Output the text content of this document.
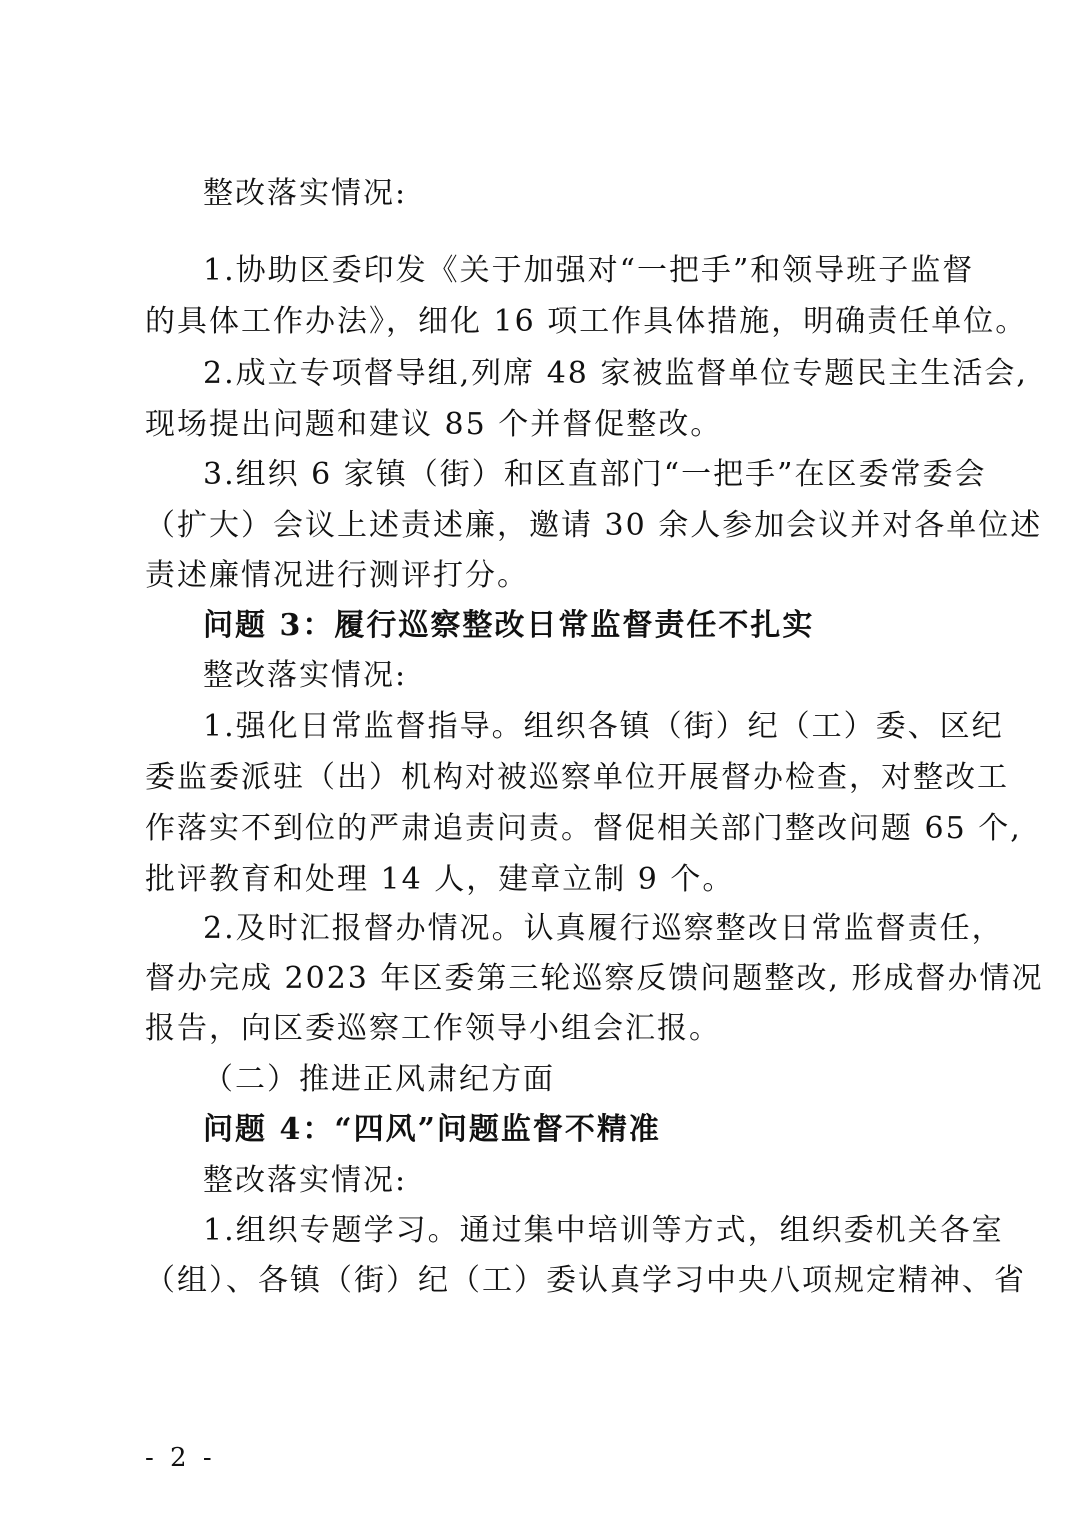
整改落实情况:
1.协助区委印发《关于加强对“一把手”和领导班子监督
的具体工作办法》，细化 16 项工作具体措施，明确责任单位。
2.成立专项督导组,列席 48 家被监督单位专题民主生活会,
现场提出问题和建议 85 个并督促整改。
3.组织 6 家镇（街）和区直部门“一把手”在区委常委会
（扩大）会议上述责述廉，邀请 30 余人参加会议并对各单位述
责述廉情况进行测评打分。
问题 3：履行巡察整改日常监督责任不扎实
整改落实情况:
1.强化日常监督指导。组织各镇（街）纪（工）委、区纪
委监委派驻（出）机构对被巡察单位开展督办检查，对整改工
作落实不到位的严肃追责问责。督促相关部门整改问题 65 个,
批评教育和处理 14 人，建章立制 9 个。
2.及时汇报督办情况。认真履行巡察整改日常监督责任，
督办完成 2023 年区委第三轮巡察反馈问题整改, 形成督办情况
报告，向区委巡察工作领导小组会汇报。
（二）推进正风肃纪方面
问题 4：“四风”问题监督不精准
整改落实情况:
1.组织专题学习。通过集中培训等方式，组织委机关各室
（组）、各镇（街）纪（工）委认真学习中央八项规定精神、省
- 2 -
